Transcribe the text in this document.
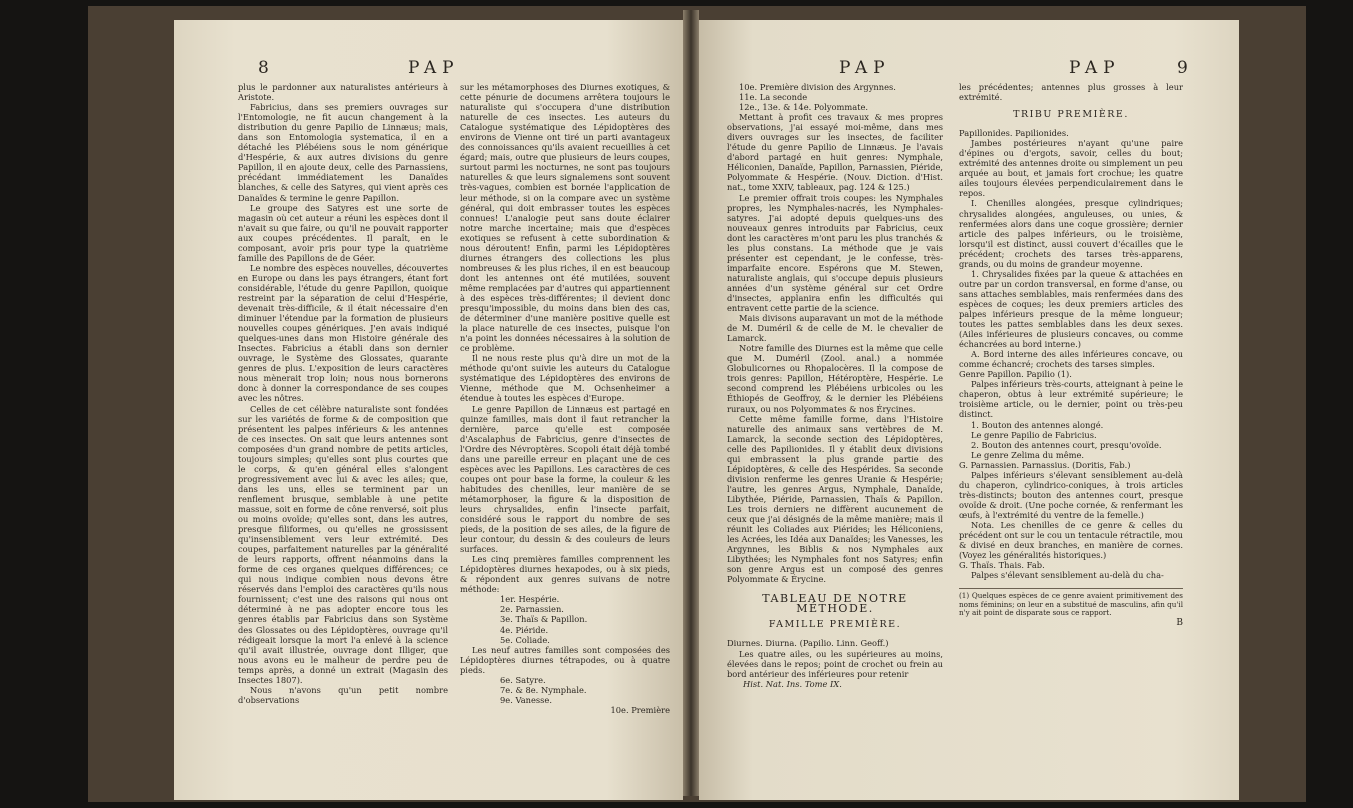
8	PAP

plus le pardonner aux naturalistes antérieurs à Aristote.

Fabricius, dans ses premiers ouvrages sur l'Entomologie, ne fit aucun changement à la distribution du genre Papilio de Linnæus; mais, dans son Entomologia systematica, il en a détaché les Plébéiens sous le nom générique d'Hespérie, & aux autres divisions du genre Papillon, il en ajoute deux, celle des Parnassiens, précédant immédiatement les Danaïdes blanches, & celle des Satyres, qui vient après ces Danaïdes & termine le genre Papillon.

Le groupe des Satyres est une sorte de magasin où cet auteur a réuni les espèces dont il n'avait su que faire, ou qu'il ne pouvait rapporter aux coupes précédentes. Il paraît, en le composant, avoir pris pour type la quatrième famille des Papillons de de Géer.

Le nombre des espèces nouvelles, découvertes en Europe ou dans les pays étrangers, étant fort considérable, l'étude du genre Papillon, quoique restreint par la séparation de celui d'Hespérie, devenait très-difficile, & il était nécessaire d'en diminuer l'étendue par la formation de plusieurs nouvelles coupes génériques. J'en avais indiqué quelques-unes dans mon Histoire générale des Insectes. Fabricius a établi dans son dernier ouvrage, le Système des Glossates, quarante genres de plus. L'exposition de leurs caractères nous mènerait trop loin; nous nous bornerons donc à donner la correspondance de ses coupes avec les nôtres.

Celles de cet célèbre naturaliste sont fondées sur les variétés de forme & de composition que présentent les palpes inférieurs & les antennes de ces insectes. On sait que leurs antennes sont composées d'un grand nombre de petits articles, toujours simples; qu'elles sont plus courtes que le corps, & qu'en général elles s'alongent progressivement avec lui & avec les ailes; que, dans les uns, elles se terminent par un renflement brusque, semblable à une petite massue, soit en forme de cône renversé, soit plus ou moins ovoïde; qu'elles sont, dans les autres, presque filiformes, ou qu'elles ne grossissent qu'insensiblement vers leur extrémité. Des coupes, parfaitement naturelles par la généralité de leurs rapports, offrent néanmoins dans la forme de ces organes quelques différences; ce qui nous indique combien nous devons être réservés dans l'emploi des caractères qu'ils nous fournissent; c'est une des raisons qui nous ont déterminé à ne pas adopter encore tous les genres établis par Fabricius dans son Système des Glossates ou des Lépidoptères, ouvrage qu'il rédigeait lorsque la mort l'a enlevé à la science qu'il avait illustrée, ouvrage dont Illiger, que nous avons eu le malheur de perdre peu de temps après, a donné un extrait (Magasin des Insectes 1807).

Nous n'avons qu'un petit nombre d'observations

sur les métamorphoses des Diurnes exotiques, & cette pénurie de documens arrêtera toujours le naturaliste qui s'occupera d'une distribution naturelle de ces insectes. Les auteurs du Catalogue systématique des Lépidoptères des environs de Vienne ont tiré un parti avantageux des connoissances qu'ils avaient recueillies à cet égard; mais, outre que plusieurs de leurs coupes, surtout parmi les nocturnes, ne sont pas toujours naturelles & que leurs signalemens sont souvent très-vagues, combien est bornée l'application de leur méthode, si on la compare avec un système général, qui doit embrasser toutes les espèces connues! L'analogie peut sans doute éclairer notre marche incertaine; mais que d'espèces exotiques se refusent à cette subordination & nous déroutent! Enfin, parmi les Lépidoptères diurnes étrangers des collections les plus nombreuses & les plus riches, il en est beaucoup dont les antennes ont été mutilées, souvent même remplacées par d'autres qui appartiennent à des espèces très-différentes; il devient donc presqu'impossible, du moins dans bien des cas, de déterminer d'une manière positive quelle est la place naturelle de ces insectes, puisque l'on n'a point les données nécessaires à la solution de ce problème.

Il ne nous reste plus qu'à dire un mot de la méthode qu'ont suivie les auteurs du Catalogue systématique des Lépidoptères des environs de Vienne, méthode que M. Ochsenheimer a étendue à toutes les espèces d'Europe.

Le genre Papillon de Linnæus est partagé en quinze familles, mais dont il faut retrancher la dernière, parce qu'elle est composée d'Ascalaphus de Fabricius, genre d'insectes de l'Ordre des Névroptères. Scopoli était déjà tombé dans une pareille erreur en plaçant une de ces espèces avec les Papillons. Les caractères de ces coupes ont pour base la forme, la couleur & les habitudes des chenilles, leur manière de se métamorphoser, la figure & la disposition de leurs chrysalides, enfin l'insecte parfait, considéré sous le rapport du nombre de ses pieds, de la position de ses ailes, de la figure de leur contour, du dessin & des couleurs de leurs surfaces.

Les cinq premières familles comprennent les Lépidoptères diurnes hexapodes, ou à six pieds, & répondent aux genres suivans de notre méthode:

1er. Hespérie.
2e. Parnassien.
3e. Thaïs & Papillon.
4e. Piéride.
5e. Coliade.

Les neuf autres familles sont composées des Lépidoptères diurnes tétrapodes, ou à quatre pieds.

6e. Satyre.
7e. & 8e. Nymphale.
9e. Vanesse.
10e. Première
PAP	PAP	9
10e. Première division des Argynnes.
11e. La seconde
12e., 13e. & 14e. Polyommate.

Mettant à profit ces travaux & mes propres observations, j'ai essayé moi-même, dans mes divers ouvrages sur les insectes, de faciliter l'étude du genre Papilio de Linnæus. Je l'avais d'abord partagé en huit genres: Nymphale, Héliconien, Danaïde, Papillon, Parnassien, Piéride, Polyommate & Hespérie. (Nouv. Diction. d'Hist. nat., tome XXIV, tableaux, pag. 124 & 125.)

Le premier offrait trois coupes: les Nymphales propres, les Nymphales-nacrés, les Nymphales-satyres. J'ai adopté depuis quelques-uns des nouveaux genres introduits par Fabricius, ceux dont les caractères m'ont paru les plus tranchés & les plus constans. La méthode que je vais présenter est cependant, je le confesse, très-imparfaite encore. Espérons que M. Stewen, naturaliste anglais, qui s'occupe depuis plusieurs années d'un système général sur cet Ordre d'insectes, applanira enfin les difficultés qui entravent cette partie de la science.

Mais divisons auparavant un mot de la méthode de M. Duméril & de celle de M. le chevalier de Lamarck.

Notre famille des Diurnes est la même que celle que M. Duméril (Zool. anal.) a nommée Globulicornes ou Rhopalocères. Il la compose de trois genres: Papillon, Hétéroptère, Hespérie. Le second comprend les Plébéiens urbicoles ou les Éthiopés de Geoffroy, & le dernier les Plébéiens ruraux, ou nos Polyommates & nos Érycines.

Cette même famille forme, dans l'Histoire naturelle des animaux sans vertèbres de M. Lamarck, la seconde section des Lépidoptères, celle des Papilionides. Il y établit deux divisions qui embrassent la plus grande partie des Lépidoptères, & celle des Hespérides. Sa seconde division renferme les genres Uranie & Hespérie; l'autre, les genres Argus, Nymphale, Danaïde, Libythée, Piéride, Parnassien, Thaïs & Papillon. Les trois derniers ne diffèrent aucunement de ceux que j'ai désignés de la même manière; mais il réunit les Coliades aux Piérides; les Héliconiens, les Acrées, les Idéa aux Danaïdes; les Vanesses, les Argynnes, les Biblis & nos Nymphales aux Libythées; les Nymphales font nos Satyres; enfin son genre Argus est un composé des genres Polyommate & Érycine.

TABLEAU DE NOTRE MÉTHODE.
FAMILLE PREMIÈRE.

Diurnes. Diurna. (Papilio. Linn. Geoff.)

Les quatre ailes, ou les supérieures au moins, élevées dans le repos; point de crochet ou frein au bord antérieur des inférieures pour retenir

Hist. Nat. Ins. Tome IX.

les précédentes; antennes plus grosses à leur extrémité.

TRIBU PREMIÈRE.

Papillonides. Papilionides.

Jambes postérieures n'ayant qu'une paire d'épines ou d'ergots, savoir, celles du bout; extrémité des antennes droite ou simplement un peu arquée au bout, et jamais fort crochue; les quatre ailes toujours élevées perpendiculairement dans le repos.

I. Chenilles alongées, presque cylindriques; chrysalides alongées, anguleuses, ou unies, & renfermées alors dans une coque grossière; dernier article des palpes inférieurs, ou le troisième, lorsqu'il est distinct, aussi couvert d'écailles que le précédent; crochets des tarses très-apparens, grands, ou du moins de grandeur moyenne.

1. Chrysalides fixées par la queue & attachées en outre par un cordon transversal, en forme d'anse, ou sans attaches semblables, mais renfermées dans des espèces de coques; les deux premiers articles des palpes inférieurs presque de la même longueur; toutes les pattes semblables dans les deux sexes. (Ailes inférieures de plusieurs concaves, ou comme échancrées au bord interne.)

A. Bord interne des ailes inférieures concave, ou comme échancré; crochets des tarses simples.

Genre Papillon. Papilio (1).

Palpes inférieurs très-courts, atteignant à peine le chaperon, obtus à leur extrémité supérieure; le troisième article, ou le dernier, point ou très-peu distinct.

1. Bouton des antennes alongé.

Le genre Papilio de Fabricius.

2. Bouton des antennes court, presqu'ovoïde.

Le genre Zelima du même.

G. Parnassien. Parnassius. (Doritis, Fab.)

Palpes inférieurs s'élevant sensiblement au-delà du chaperon, cylindrico-coniques, à trois articles très-distincts; bouton des antennes court, presque ovoïde & droit. (Une poche cornée, & renfermant les œufs, à l'extrémité du ventre de la femelle.)

Nota. Les chenilles de ce genre & celles du précédent ont sur le cou un tentacule rétractile, mou & divisé en deux branches, en manière de cornes. (Voyez les généralités historiques.)

G. Thaïs. Thais. Fab.

Palpes s'élevant sensiblement au-delà du cha-

(1) Quelques espèces de ce genre avaient primitivement des noms féminins; on leur en a substitué de masculins, afin qu'il n'y ait point de disparate sous ce rapport.
B
